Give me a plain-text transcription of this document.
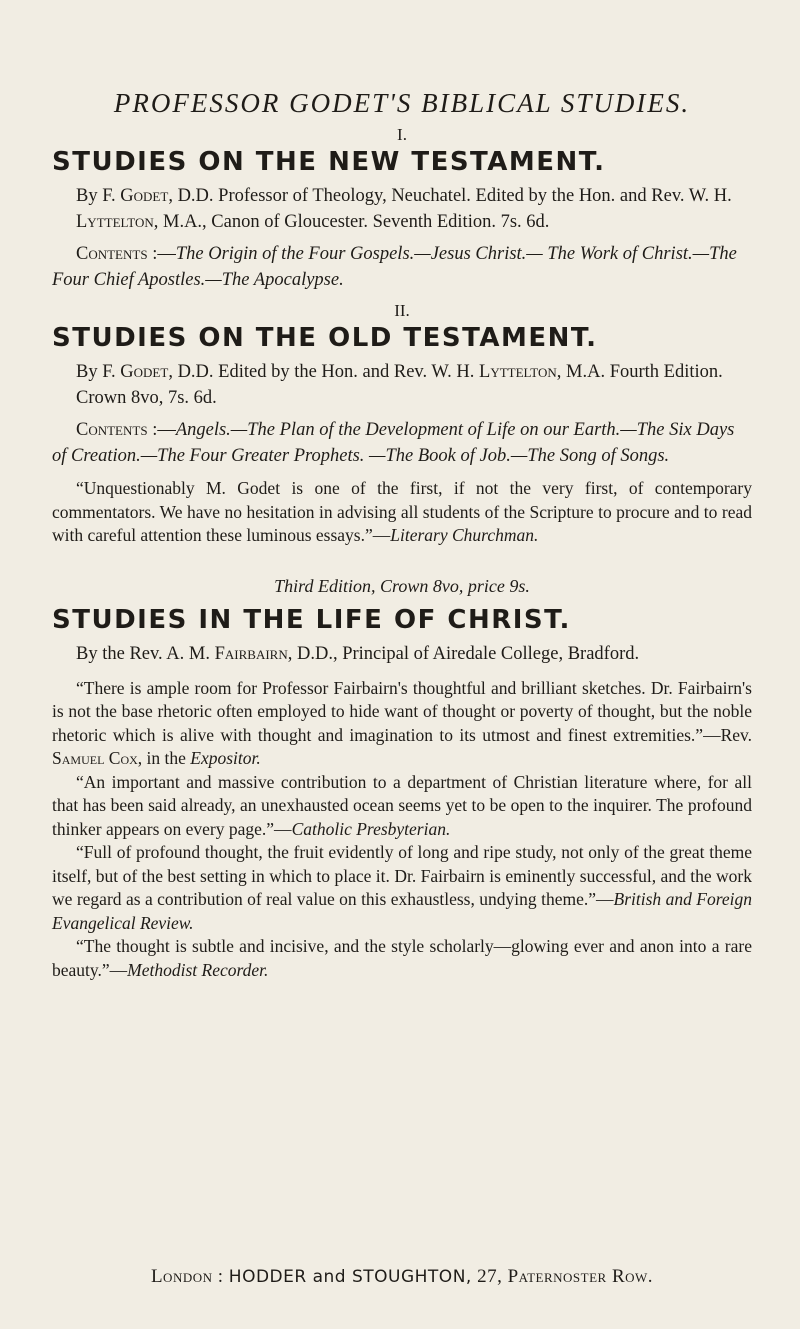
PROFESSOR GODET'S BIBLICAL STUDIES.
I.
STUDIES ON THE NEW TESTAMENT.
By F. Godet, D.D. Professor of Theology, Neuchatel. Edited by the Hon. and Rev. W. H. Lyttelton, M.A., Canon of Gloucester. Seventh Edition. 7s. 6d.
Contents :—The Origin of the Four Gospels.—Jesus Christ.— The Work of Christ.—The Four Chief Apostles.—The Apocalypse.
II.
STUDIES ON THE OLD TESTAMENT.
By F. Godet, D.D. Edited by the Hon. and Rev. W. H. Lyttelton, M.A. Fourth Edition. Crown 8vo, 7s. 6d.
Contents :—Angels.—The Plan of the Development of Life on our Earth.—The Six Days of Creation.—The Four Greater Prophets. —The Book of Job.—The Song of Songs.
“Unquestionably M. Godet is one of the first, if not the very first, of contemporary commentators. We have no hesitation in advising all students of the Scripture to procure and to read with careful attention these luminous essays.”—Literary Churchman.
Third Edition, Crown 8vo, price 9s.
STUDIES IN THE LIFE OF CHRIST.
By the Rev. A. M. Fairbairn, D.D., Principal of Airedale College, Bradford.
“There is ample room for Professor Fairbairn's thoughtful and brilliant sketches. Dr. Fairbairn's is not the base rhetoric often employed to hide want of thought or poverty of thought, but the noble rhetoric which is alive with thought and imagination to its utmost and finest extremities.”—Rev. Samuel Cox, in the Expositor.
“An important and massive contribution to a department of Christian literature where, for all that has been said already, an unexhausted ocean seems yet to be open to the inquirer. The profound thinker appears on every page.”—Catholic Presbyterian.
“Full of profound thought, the fruit evidently of long and ripe study, not only of the great theme itself, but of the best setting in which to place it. Dr. Fairbairn is eminently successful, and the work we regard as a contribution of real value on this exhaustless, undying theme.”—British and Foreign Evangelical Review.
“The thought is subtle and incisive, and the style scholarly—glowing ever and anon into a rare beauty.”—Methodist Recorder.
London : HODDER and STOUGHTON, 27, Paternoster Row.
